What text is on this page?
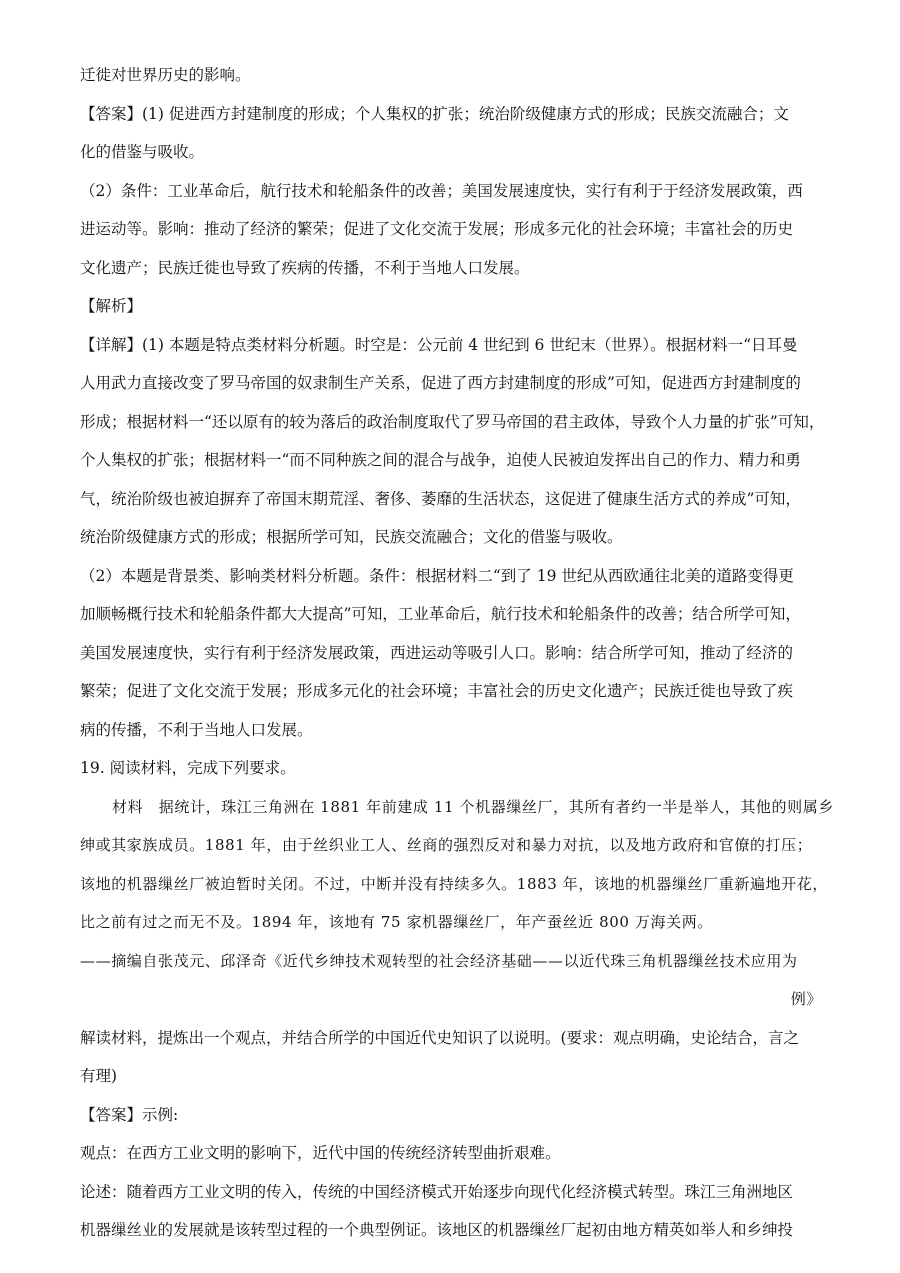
迁徙对世界历史的影响。
【答案】(1) 促进西方封建制度的形成；个人集权的扩张；统治阶级健康方式的形成；民族交流融合；文
化的借鉴与吸收。
（2）条件：工业革命后，航行技术和轮船条件的改善；美国发展速度快，实行有利于于经济发展政策，西
进运动等。影响：推动了经济的繁荣；促进了文化交流于发展；形成多元化的社会环境；丰富社会的历史
文化遗产；民族迁徙也导致了疾病的传播，不利于当地人口发展。
【解析】
【详解】(1) 本题是特点类材料分析题。时空是：公元前 4 世纪到 6 世纪末（世界）。根据材料一“日耳曼
人用武力直接改变了罗马帝国的奴隶制生产关系，促进了西方封建制度的形成”可知，促进西方封建制度的
形成；根据材料一“还以原有的较为落后的政治制度取代了罗马帝国的君主政体，导致个人力量的扩张”可知，
个人集权的扩张；根据材料一“而不同种族之间的混合与战争，迫使人民被迫发挥出自己的作力、精力和勇
气，统治阶级也被迫摒弃了帝国末期荒淫、奢侈、萎靡的生活状态，这促进了健康生活方式的养成”可知，
统治阶级健康方式的形成；根据所学可知，民族交流融合；文化的借鉴与吸收。
（2）本题是背景类、影响类材料分析题。条件：根据材料二“到了 19 世纪从西欧通往北美的道路变得更
加顺畅概行技术和轮船条件都大大提高”可知，工业革命后，航行技术和轮船条件的改善；结合所学可知，
美国发展速度快，实行有利于经济发展政策，西进运动等吸引人口。影响：结合所学可知，推动了经济的
繁荣；促进了文化交流于发展；形成多元化的社会环境；丰富社会的历史文化遗产；民族迁徙也导致了疾
病的传播，不利于当地人口发展。
19. 阅读材料，完成下列要求。
材料　据统计，珠江三角洲在 1881 年前建成 11 个机器缫丝厂，其所有者约一半是举人，其他的则属乡
绅或其家族成员。1881 年，由于丝织业工人、丝商的强烈反对和暴力对抗，以及地方政府和官僚的打压；
该地的机器缫丝厂被迫暂时关闭。不过，中断并没有持续多久。1883 年，该地的机器缫丝厂重新遍地开花，
比之前有过之而无不及。1894 年，该地有 75 家机器缫丝厂，年产蚕丝近 800 万海关两。
——摘编自张茂元、邱泽奇《近代乡绅技术观转型的社会经济基础——以近代珠三角机器缫丝技术应用为
例》
解读材料，提炼出一个观点，并结合所学的中国近代史知识了以说明。(要求：观点明确，史论结合，言之
有理)
【答案】示例:
观点：在西方工业文明的影响下，近代中国的传统经济转型曲折艰难。
论述：随着西方工业文明的传入，传统的中国经济模式开始逐步向现代化经济模式转型。珠江三角洲地区
机器缫丝业的发展就是该转型过程的一个典型例证。该地区的机器缫丝厂起初由地方精英如举人和乡绅投
